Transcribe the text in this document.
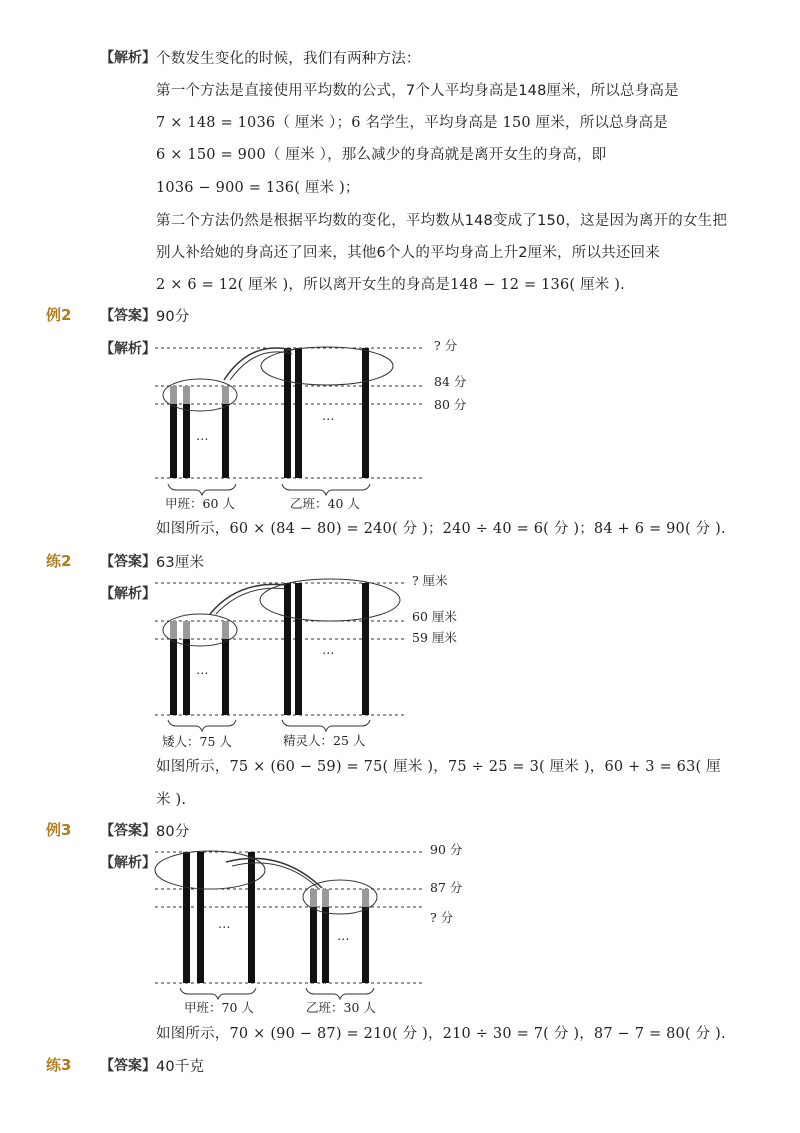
【解析】 个数发生变化的时候，我们有两种方法：
第一个方法是直接使用平均数的公式，7个人平均身高是148厘米，所以总身高是
7 × 148 = 1036（ 厘米 ）；6 名学生，平均身高是 150 厘米，所以总身高是
6 × 150 = 900（ 厘米 ），那么减少的身高就是离开女生的身高，即
1036 − 900 = 136( 厘米 )；
第二个方法仍然是根据平均数的变化，平均数从148变成了150，这是因为离开的女生把
别人补给她的身高还了回来，其他6个人的平均身高上升2厘米，所以共还回来
2 × 6 = 12( 厘米 )，所以离开女生的身高是148 − 12 = 136( 厘米 ).
例2 【答案】 90分
【解析】	? 分
84 分
80 分
…
…
甲班：60 人	乙班：40 人
如图所示，60 × (84 − 80) = 240( 分 )；240 ÷ 40 = 6( 分 )；84 + 6 = 90( 分 ).
练2 【答案】 63厘米
【解析】
? 厘米
60 厘米
59 厘米
…
…
矮人：75 人	精灵人：25 人
如图所示，75 × (60 − 59) = 75( 厘米 )，75 ÷ 25 = 3( 厘米 )，60 + 3 = 63( 厘
米 ).
例3 【答案】 80分
【解析】
90 分
87 分
? 分
…
…
甲班：70 人	乙班：30 人
如图所示，70 × (90 − 87) = 210( 分 )，210 ÷ 30 = 7( 分 )，87 − 7 = 80( 分 ).
练3 【答案】 40千克
